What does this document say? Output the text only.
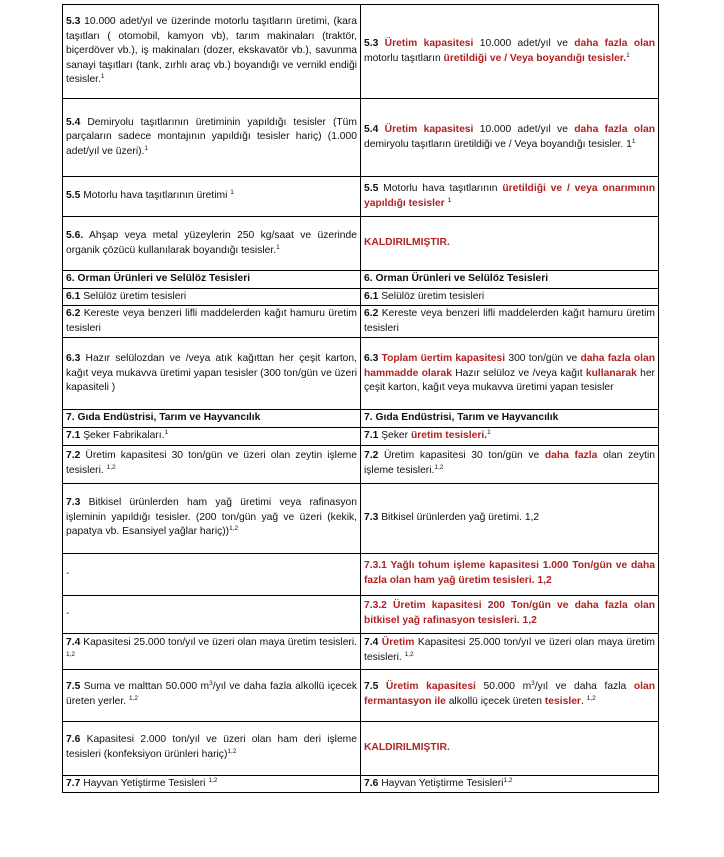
5.3 10.000 adet/yıl ve üzerinde motorlu taşıtların üretimi, (kara taşıtları ( otomobil, kamyon vb), tarım makinaları (traktör, biçerdöver vb.), iş makinaları (dozer, ekskavatör vb.), savunma sanayi taşıtları (tank, zırhlı araç vb.) boyandığı ve vernikl endiği tesisler.$^1$	5.3 Üretim kapasitesi 10.000 adet/yıl ve daha fazla olan motorlu taşıtların üretildiği ve / Veya boyandığı tesisler.$^1$
5.4 Demiryolu taşıtlarının üretiminin yapıldığı tesisler (Tüm parçaların sadece montajının yapıldığı tesisler hariç) (1.000 adet/yıl ve üzeri).$^1$	5.4 Üretim kapasitesi 10.000 adet/yıl ve daha fazla olan demiryolu taşıtların üretildiği ve / Veya boyandığı tesisler. $1^1$
5.5 Motorlu hava taşıtlarının üretimi $^1$	5.5 Motorlu hava taşıtlarının üretildiği ve / veya onarımının yapıldığı tesisler $^1$
5.6. Ahşap veya metal yüzeylerin 250 kg/saat ve üzerinde organik çözücü kullanılarak boyandığı tesisler.$^1$	KALDIRILMIŞTIR.
6. Orman Ürünleri ve Selülöz Tesisleri	6. Orman Ürünleri ve Selülöz Tesisleri
6.1 Selülöz üretim tesisleri	6.1 Selülöz üretim tesisleri
6.2 Kereste veya benzeri lifli maddelerden kağıt hamuru üretim tesisleri	6.2 Kereste veya benzeri lifli maddelerden kağıt hamuru üretim tesisleri
6.3 Hazır selülozdan ve /veya atık kağıttan her çeşit karton, kağıt veya mukavva üretimi yapan tesisler (300 ton/gün ve üzeri kapasiteli )	6.3 Toplam üertim kapasitesi 300 ton/gün ve daha fazla olan hammadde olarak Hazır selüloz ve /veya kağıt kullanarak her çeşit karton, kağıt veya mukavva üretimi yapan tesisler
7. Gıda Endüstrisi, Tarım ve Hayvancılık	7. Gıda Endüstrisi, Tarım ve Hayvancılık
7.1 Şeker Fabrikaları.$^1$	7.1 Şeker üretim tesisleri.$^1$
7.2 Üretim kapasitesi 30 ton/gün ve üzeri olan zeytin işleme tesisleri. $^{1,2}$	7.2 Üretim kapasitesi 30 ton/gün ve daha fazla olan zeytin işleme tesisleri.$^{1,2}$
7.3 Bitkisel ürünlerden ham yağ üretimi veya rafinasyon işleminin yapıldığı tesisler. (200 ton/gün yağ ve üzeri (kekik, papatya vb. Esansiyel yağlar hariç))$^{1,2}$	7.3 Bitkisel ürünlerden yağ üretimi. 1,2
-	7.3.1 Yağlı tohum işleme kapasitesi 1.000 Ton/gün ve daha fazla olan ham yağ üretim tesisleri. 1,2
-	7.3.2 Üretim kapasitesi 200 Ton/gün ve daha fazla olan bitkisel yağ rafinasyon tesisleri. 1,2
7.4 Kapasitesi 25.000 ton/yıl ve üzeri olan maya üretim tesisleri. $^{1,2}$	7.4 Üretim Kapasitesi 25.000 ton/yıl ve üzeri olan maya üretim tesisleri. $^{1,2}$
7.5 Suma ve malttan 50.000 $m^3$/yıl ve daha fazla alkollü içecek üreten yerler. $^{1,2}$	7.5 Üretim kapasitesi 50.000 $m^3$/yıl ve daha fazla olan fermantasyon ile alkollü içecek üreten tesisler. $^{1,2}$
7.6 Kapasitesi 2.000 ton/yıl ve üzeri olan ham deri işleme tesisleri (konfeksiyon ürünleri hariç)$^{1,2}$	KALDIRILMIŞTIR.
7.7 Hayvan Yetiştirme Tesisleri $^{1,2}$	7.6 Hayvan Yetiştirme Tesisleri$^{1,2}$
